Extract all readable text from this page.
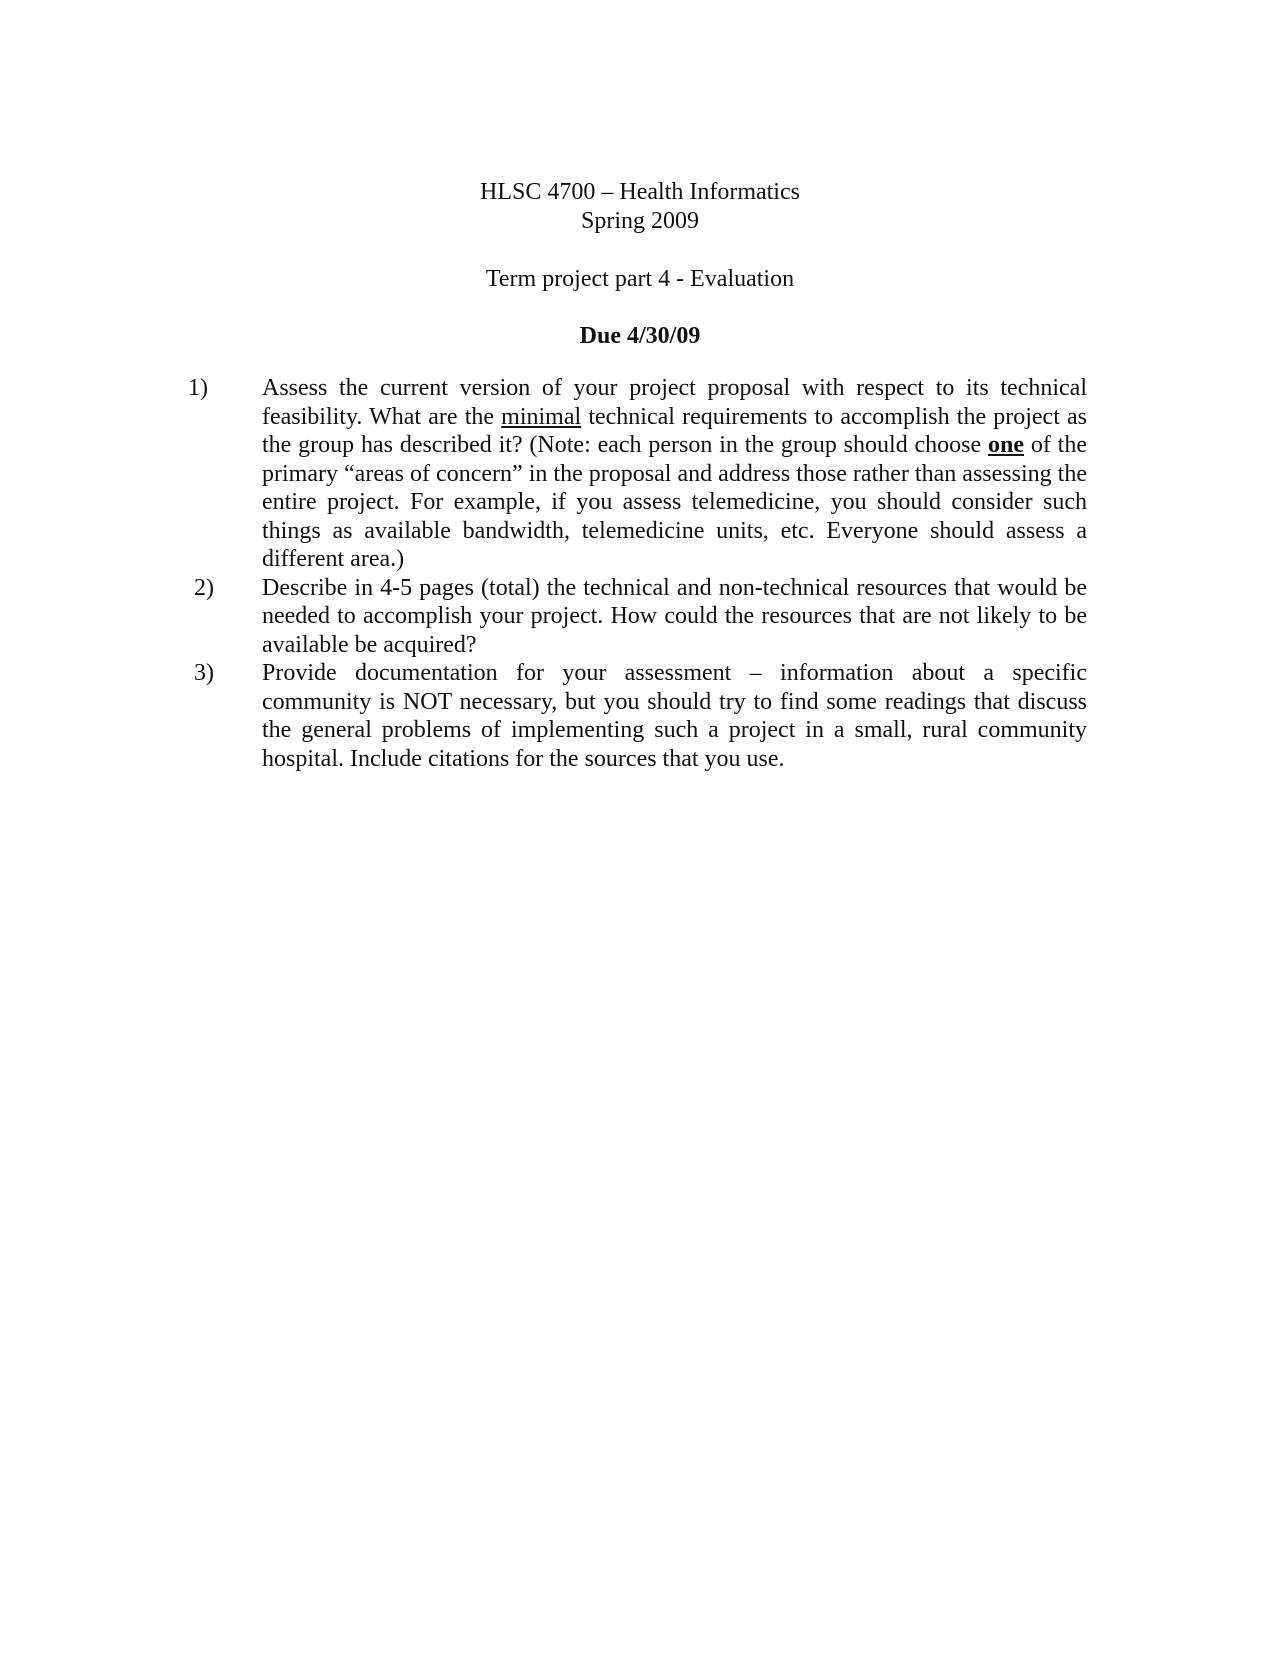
HLSC 4700 – Health Informatics
Spring 2009
Term project part 4 - Evaluation
Due 4/30/09
1) Assess the current version of your project proposal with respect to its technical feasibility. What are the minimal technical requirements to accomplish the project as the group has described it? (Note: each person in the group should choose one of the primary “areas of concern” in the proposal and address those rather than assessing the entire project. For example, if you assess telemedicine, you should consider such things as available bandwidth, telemedicine units, etc. Everyone should assess a different area.)
2) Describe in 4-5 pages (total) the technical and non-technical resources that would be needed to accomplish your project. How could the resources that are not likely to be available be acquired?
3) Provide documentation for your assessment – information about a specific community is NOT necessary, but you should try to find some readings that discuss the general problems of implementing such a project in a small, rural community hospital. Include citations for the sources that you use.
